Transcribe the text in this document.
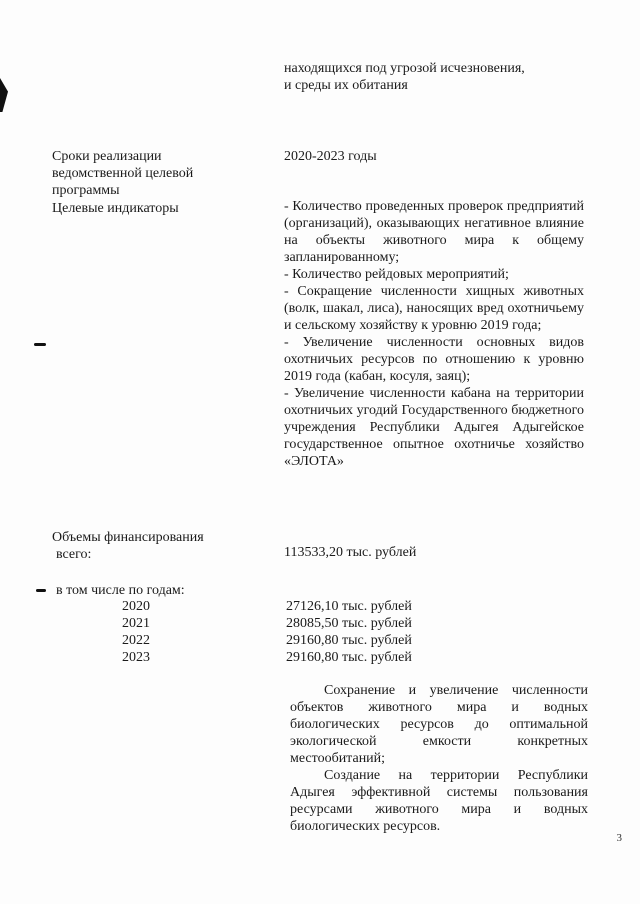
находящихся под угрозой исчезновения,
и среды их обитания
Сроки реализации
ведомственной целевой
программы
2020-2023 годы
Целевые индикаторы	- Количество проведенных проверок предприятий (организаций), оказывающих негативное влияние на объекты животного мира к общему запланированному;

- Количество рейдовых мероприятий;

- Сокращение численности хищных животных (волк, шакал, лиса), наносящих вред охотничьему и сельскому хозяйству к уровню 2019 года;

- Увеличение численности основных видов охотничьих ресурсов по отношению к уровню 2019 года (кабан, косуля, заяц);

- Увеличение численности кабана на территории охотничьих угодий Государственного бюджетного учреждения Республики Адыгея Адыгейское государственное опытное охотничье хозяйство «ЭЛОТА»

Объемы финансирования
всего:	113533,20 тыс. рублей
в том числе по годам:
2020
2021
2022
2023
27126,10 тыс. рублей
28085,50 тыс. рублей
29160,80 тыс. рублей
29160,80 тыс. рублей

Сохранение и увеличение численности объектов животного мира и водных биологических ресурсов до оптимальной экологической емкости конкретных местообитаний;

Создание на территории Республики Адыгея эффективной системы пользования ресурсами животного мира и водных биологических ресурсов.

3
